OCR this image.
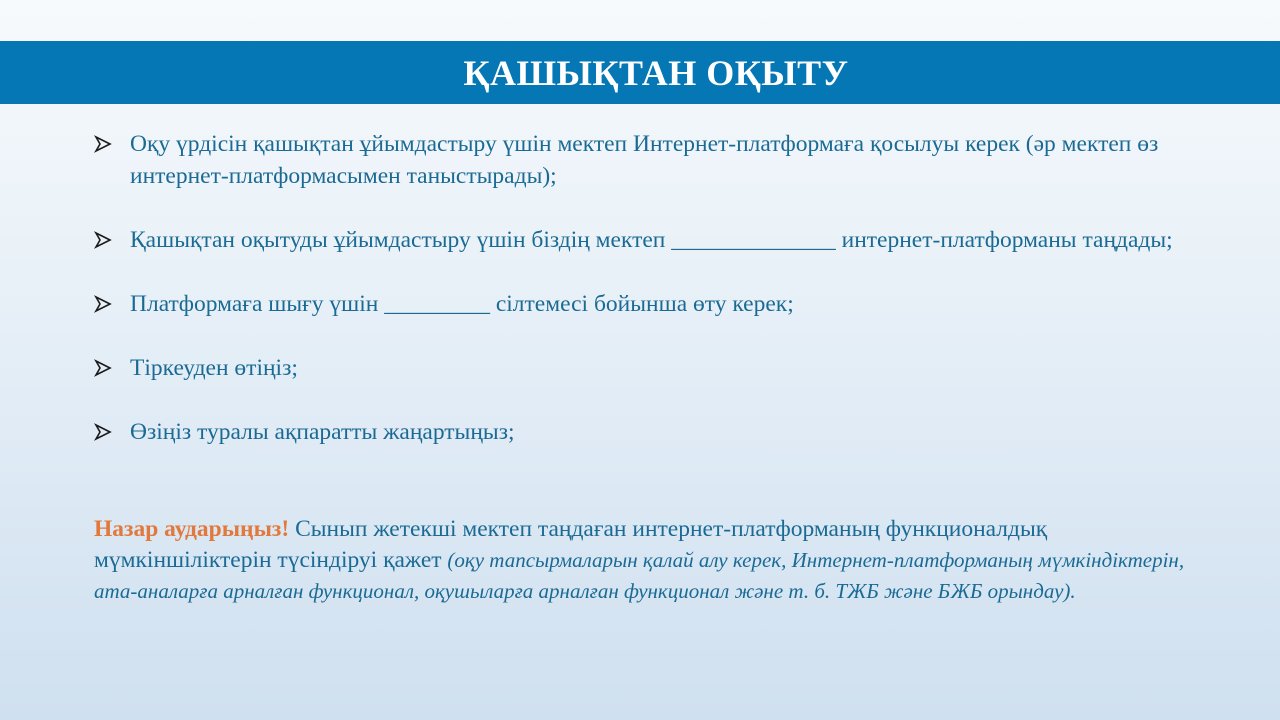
ҚАШЫҚТАН ОҚЫТУ
Оқу үрдісін қашықтан ұйымдастыру үшін мектеп Интернет-платформаға қосылуы керек (әр мектеп өз интернет-платформасымен таныстырады);
Қашықтан оқытуды ұйымдастыру үшін біздің мектеп ______________ интернет-платформаны таңдады;
Платформаға шығу үшін _________ сілтемесі бойынша өту керек;
Тіркеуден өтіңіз;
Өзіңіз туралы ақпаратты жаңартыңыз;
Назар аударыңыз! Сынып жетекші мектеп таңдаған интернет-платформаның функционалдық мүмкіншіліктерін түсіндіруі қажет (оқу тапсырмаларын қалай алу керек, Интернет-платформаның мүмкіндіктерін, ата-аналарға арналған функционал, оқушыларға арналған функционал және т. б. ТЖБ және БЖБ орындау).
